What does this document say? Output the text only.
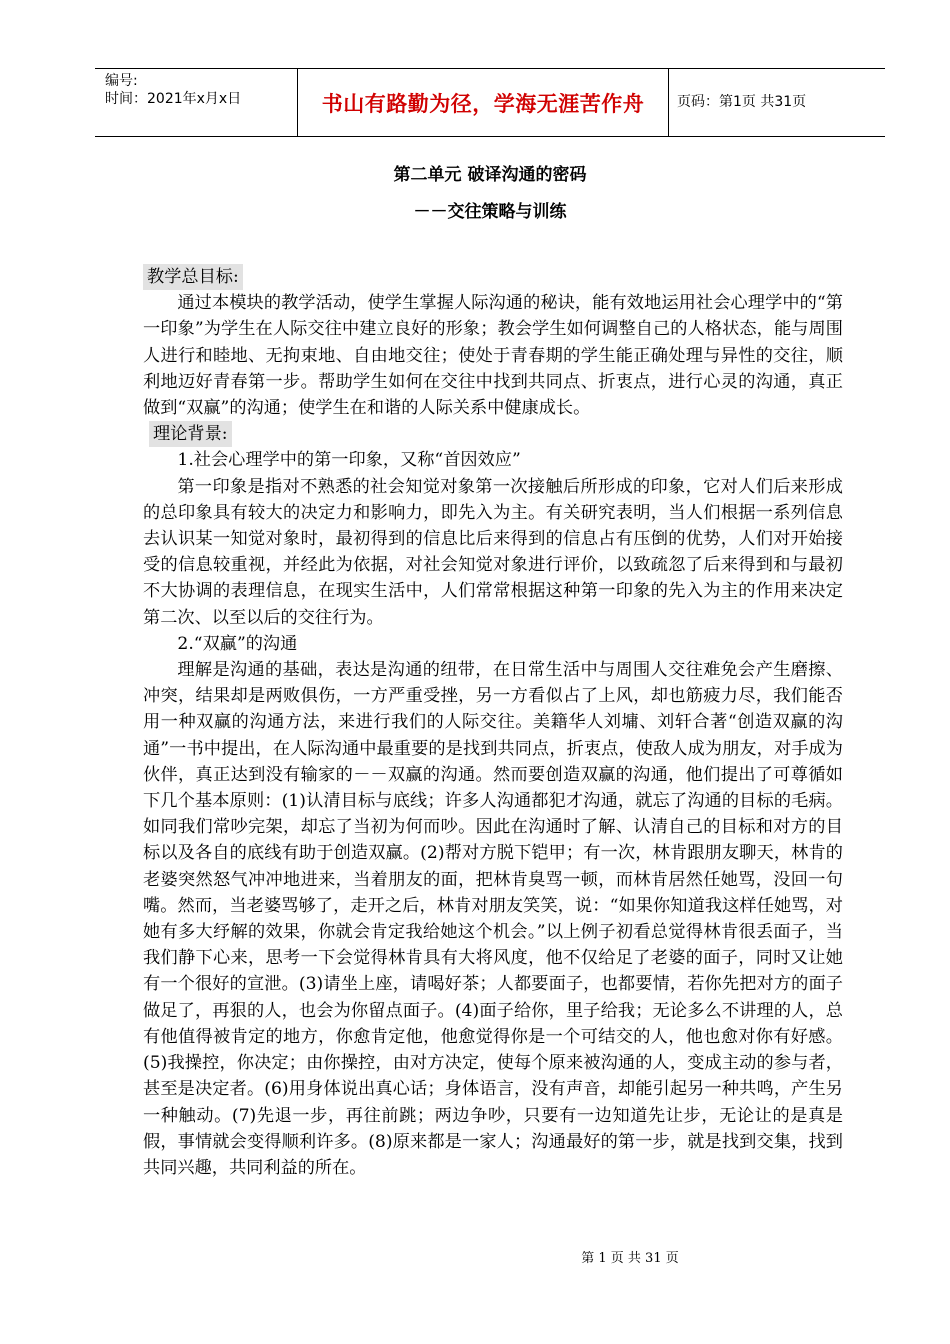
编号:
时间：2021年x月x日	书山有路勤为径，学海无涯苦作舟 页码：第1页 共31页
第二单元 破译沟通的密码
－－交往策略与训练

教学总目标:

通过本模块的教学活动，使学生掌握人际沟通的秘诀，能有效地运用社会心理学中的“第一印象”为学生在人际交往中建立良好的形象；教会学生如何调整自己的人格状态，能与周围人进行和睦地、无拘束地、自由地交往；使处于青春期的学生能正确处理与异性的交往，顺利地迈好青春第一步。帮助学生如何在交往中找到共同点、折衷点，进行心灵的沟通，真正做到“双赢”的沟通；使学生在和谐的人际关系中健康成长。

理论背景:

1.社会心理学中的第一印象，又称“首因效应”

第一印象是指对不熟悉的社会知觉对象第一次接触后所形成的印象，它对人们后来形成的总印象具有较大的决定力和影响力，即先入为主。有关研究表明，当人们根据一系列信息去认识某一知觉对象时，最初得到的信息比后来得到的信息占有压倒的优势，人们对开始接受的信息较重视，并经此为依据，对社会知觉对象进行评价，以致疏忽了后来得到和与最初不大协调的表理信息，在现实生活中，人们常常根据这种第一印象的先入为主的作用来决定第二次、以至以后的交往行为。

2.“双赢”的沟通

理解是沟通的基础，表达是沟通的纽带，在日常生活中与周围人交往难免会产生磨擦、冲突，结果却是两败俱伤，一方严重受挫，另一方看似占了上风，却也筋疲力尽，我们能否用一种双赢的沟通方法，来进行我们的人际交往。美籍华人刘墉、刘轩合著“创造双赢的沟通”一书中提出，在人际沟通中最重要的是找到共同点，折衷点，使敌人成为朋友，对手成为伙伴，真正达到没有输家的－－双赢的沟通。然而要创造双赢的沟通，他们提出了可尊循如下几个基本原则：(1)认清目标与底线；许多人沟通都犯才沟通，就忘了沟通的目标的毛病。如同我们常吵完架，却忘了当初为何而吵。因此在沟通时了解、认清自己的目标和对方的目标以及各自的底线有助于创造双赢。(2)帮对方脱下铠甲；有一次，林肯跟朋友聊天，林肯的老婆突然怒气冲冲地进来，当着朋友的面，把林肯臭骂一顿，而林肯居然任她骂，没回一句嘴。然而，当老婆骂够了，走开之后，林肯对朋友笑笑，说：“如果你知道我这样任她骂，对她有多大纾解的效果，你就会肯定我给她这个机会。”以上例子初看总觉得林肯很丢面子，当我们静下心来，思考一下会觉得林肯具有大将风度，他不仅给足了老婆的面子，同时又让她有一个很好的宣泄。(3)请坐上座，请喝好茶；人都要面子，也都要情，若你先把对方的面子做足了，再狠的人，也会为你留点面子。(4)面子给你，里子给我；无论多么不讲理的人，总有他值得被肯定的地方，你愈肯定他，他愈觉得你是一个可结交的人，他也愈对你有好感。(5)我操控，你决定；由你操控，由对方决定，使每个原来被沟通的人，变成主动的参与者，甚至是决定者。(6)用身体说出真心话；身体语言，没有声音，却能引起另一种共鸣，产生另一种触动。(7)先退一步，再往前跳；两边争吵，只要有一边知道先让步，无论让的是真是假，事情就会变得顺利许多。(8)原来都是一家人；沟通最好的第一步，就是找到交集，找到共同兴趣，共同利益的所在。

第 1 页 共 31 页
